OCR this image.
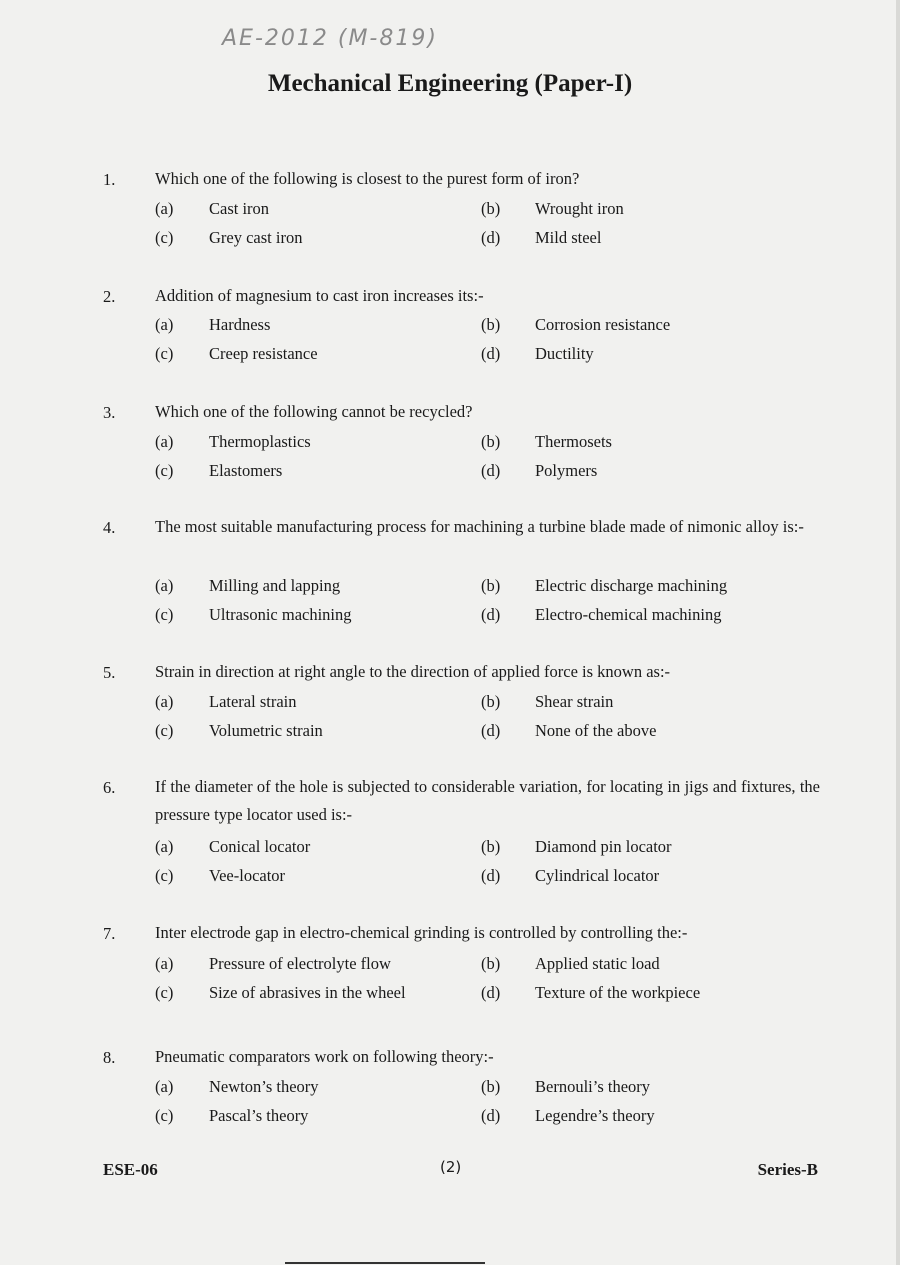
AE-2012 (M-819)
Mechanical Engineering (Paper-I)
1. Which one of the following is closest to the purest form of iron?
(a) Cast iron	(b) Wrought iron
(c) Grey cast iron	(d) Mild steel
2. Addition of magnesium to cast iron increases its:-
(a) Hardness	(b) Corrosion resistance
(c) Creep resistance	(d) Ductility
3. Which one of the following cannot be recycled?
(a) Thermoplastics	(b) Thermosets
(c) Elastomers	(d) Polymers
4. The most suitable manufacturing process for machining a turbine blade made of nimonic alloy is:-
(a) Milling and lapping	(b) Electric discharge machining
(c) Ultrasonic machining	(d) Electro-chemical machining
5. Strain in direction at right angle to the direction of applied force is known as:-
(a) Lateral strain	(b) Shear strain
(c) Volumetric strain	(d) None of the above
6. If the diameter of the hole is subjected to considerable variation, for locating in jigs and fixtures, the pressure type locator used is:-
(a) Conical locator	(b) Diamond pin locator
(c) Vee-locator	(d) Cylindrical locator
7. Inter electrode gap in electro-chemical grinding is controlled by controlling the:-
(a) Pressure of electrolyte flow	(b) Applied static load
(c) Size of abrasives in the wheel	(d) Texture of the workpiece
8. Pneumatic comparators work on following theory:-
(a) Newton’s theory	(b) Bernouli’s theory
(c) Pascal’s theory	(d) Legendre’s theory
ESE-06	(2)	Series-B
